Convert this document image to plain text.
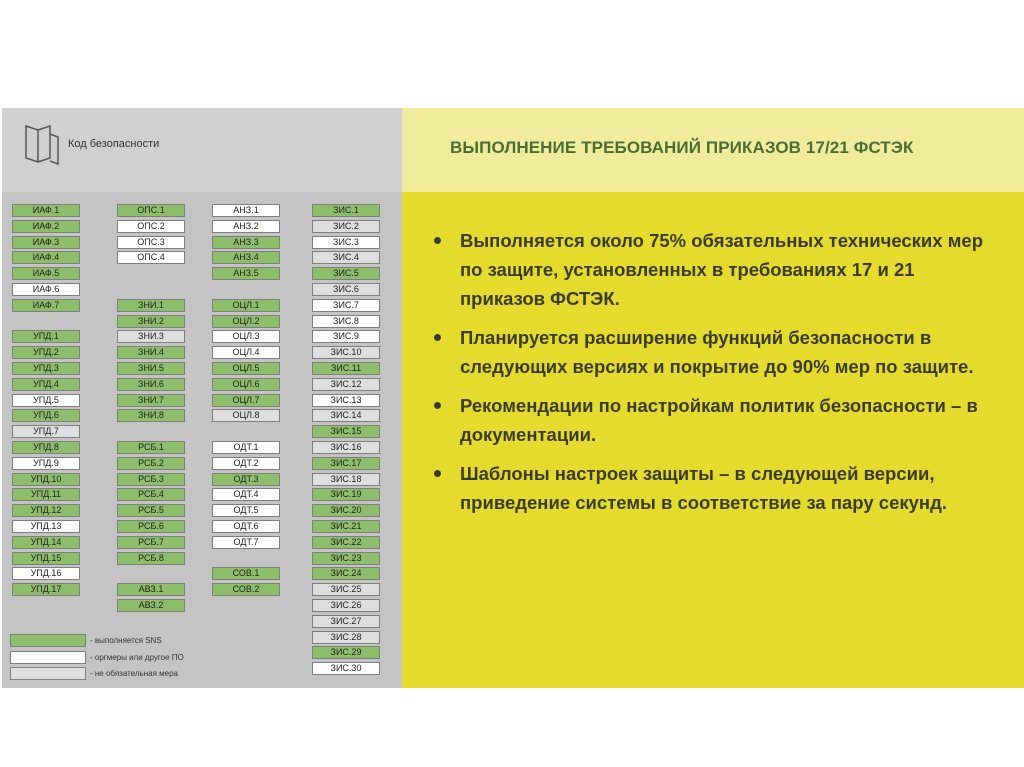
Код безопасности
ИАФ.1
ИАФ.2
ИАФ.3
ИАФ.4
ИАФ.5
ИАФ.6
ИАФ.7
УПД.1
УПД.2
УПД.3
УПД.4
УПД.5
УПД.6
УПД.7
УПД.8
УПД.9
УПД.10
УПД.11
УПД.12
УПД.13
УПД.14
УПД.15
УПД.16
УПД.17
ОПС.1
ОПС.2
ОПС.3
ОПС.4
ЗНИ.1
ЗНИ.2
ЗНИ.3
ЗНИ.4
ЗНИ.5
ЗНИ.6
ЗНИ.7
ЗНИ.8
РСБ.1
РСБ.2
РСБ.3
РСБ.4
РСБ.5
РСБ.6
РСБ.7
РСБ.8
АВЗ.1
АВЗ.2
АНЗ.1
АНЗ.2
АНЗ.3
АНЗ.4
АНЗ.5
ОЦЛ.1
ОЦЛ.2
ОЦЛ.3
ОЦЛ.4
ОЦЛ.5
ОЦЛ.6
ОЦЛ.7
ОЦЛ.8
ОДТ.1
ОДТ.2
ОДТ.3
ОДТ.4
ОДТ.5
ОДТ.6
ОДТ.7
СОВ.1
СОВ.2
ЗИС.1
ЗИС.2
ЗИС.3
ЗИС.4
ЗИС.5
ЗИС.6
ЗИС.7
ЗИС.8
ЗИС.9
ЗИС.10
ЗИС.11
ЗИС.12
ЗИС.13
ЗИС.14
ЗИС.15
ЗИС.16
ЗИС.17
ЗИС.18
ЗИС.19
ЗИС.20
ЗИС.21
ЗИС.22
ЗИС.23
ЗИС.24
ЗИС.25
ЗИС.26
ЗИС.27
ЗИС.28
ЗИС.29
ЗИС.30
- выполняется SNS
- оргмеры или другое ПО
- не обязательная мера
ВЫПОЛНЕНИЕ ТРЕБОВАНИЙ ПРИКАЗОВ 17/21 ФСТЭК
Выполняется около 75% обязательных технических мер по защите, установленных в требованиях 17 и 21 приказов ФСТЭК.
Планируется расширение функций безопасности в следующих версиях и покрытие до 90% мер по защите.
Рекомендации по настройкам политик безопасности – в документации.
Шаблоны настроек защиты – в следующей версии, приведение системы в соответствие за пару секунд.
